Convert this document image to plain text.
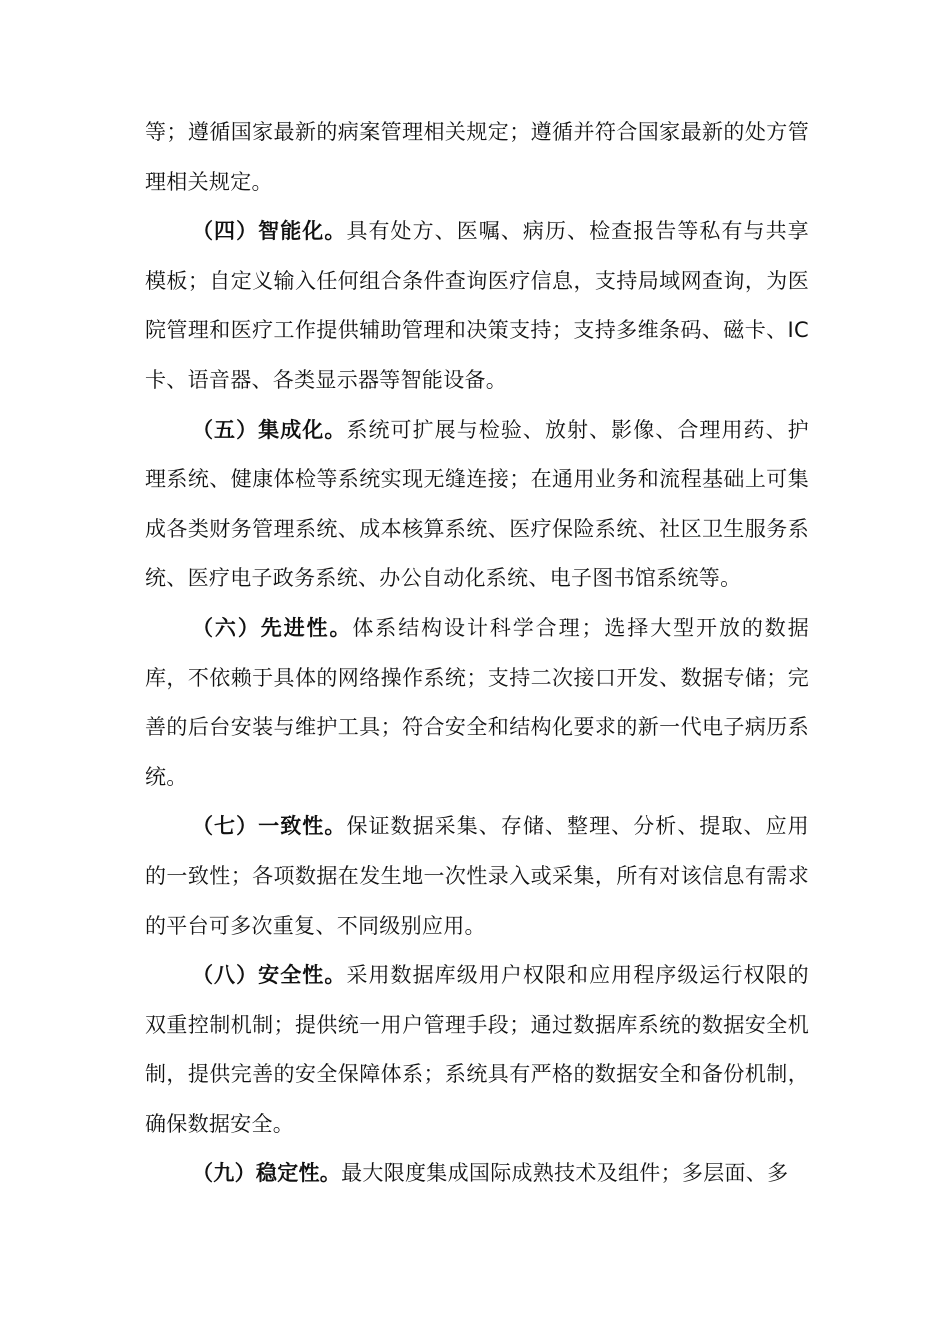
等；遵循国家最新的病案管理相关规定；遵循并符合国家最新的处方管理相关规定。

（四）智能化。具有处方、医嘱、病历、检查报告等私有与共享模板；自定义输入任何组合条件查询医疗信息，支持局域网查询，为医院管理和医疗工作提供辅助管理和决策支持；支持多维条码、磁卡、IC 卡、语音器、各类显示器等智能设备。

（五）集成化。系统可扩展与检验、放射、影像、合理用药、护理系统、健康体检等系统实现无缝连接；在通用业务和流程基础上可集成各类财务管理系统、成本核算系统、医疗保险系统、社区卫生服务系统、医疗电子政务系统、办公自动化系统、电子图书馆系统等。

（六）先进性。体系结构设计科学合理；选择大型开放的数据库，不依赖于具体的网络操作系统；支持二次接口开发、数据专储；完善的后台安装与维护工具；符合安全和结构化要求的新一代电子病历系统。

（七）一致性。保证数据采集、存储、整理、分析、提取、应用的一致性；各项数据在发生地一次性录入或采集，所有对该信息有需求的平台可多次重复、不同级别应用。

（八）安全性。采用数据库级用户权限和应用程序级运行权限的双重控制机制；提供统一用户管理手段；通过数据库系统的数据安全机制，提供完善的安全保障体系；系统具有严格的数据安全和备份机制，确保数据安全。

（九）稳定性。最大限度集成国际成熟技术及组件；多层面、多
